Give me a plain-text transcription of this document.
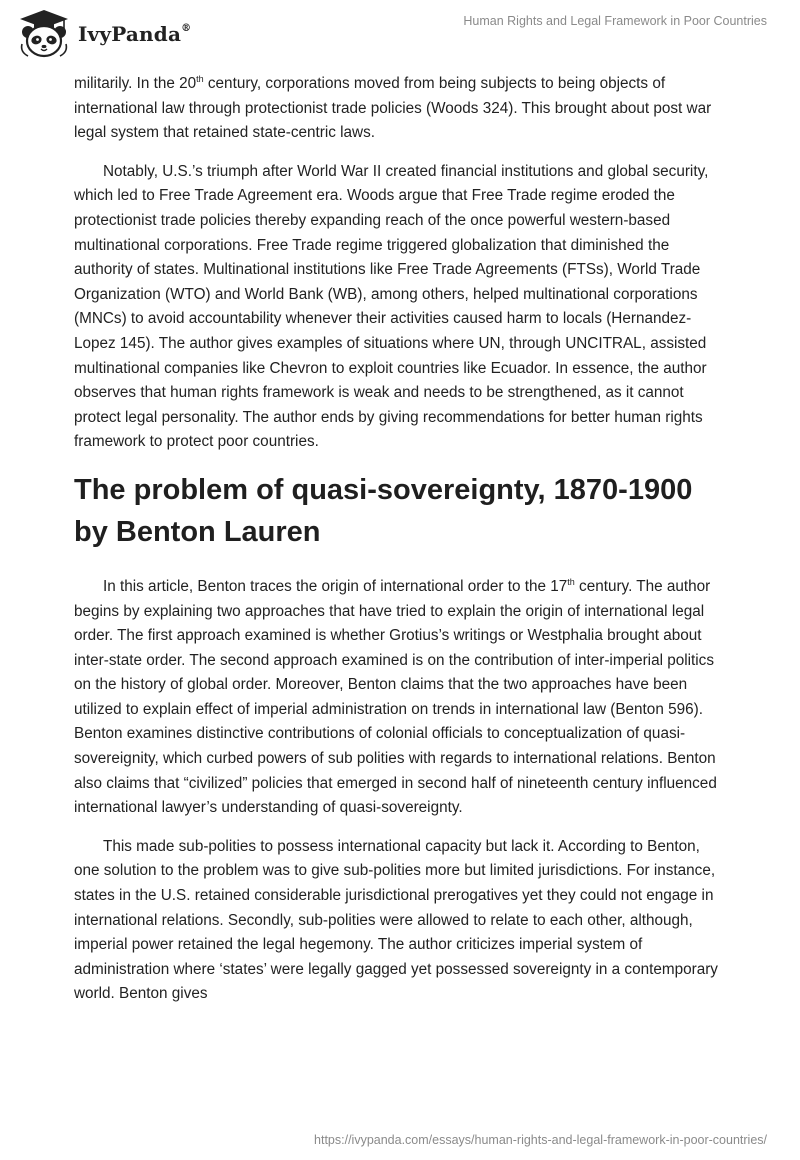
IvyPanda®
Human Rights and Legal Framework in Poor Countries

militarily. In the 20th century, corporations moved from being subjects to being objects of international law through protectionist trade policies (Woods 324). This brought about post war legal system that retained state-centric laws.

Notably, U.S.’s triumph after World War II created financial institutions and global security, which led to Free Trade Agreement era. Woods argue that Free Trade regime eroded the protectionist trade policies thereby expanding reach of the once powerful western-based multinational corporations. Free Trade regime triggered globalization that diminished the authority of states. Multinational institutions like Free Trade Agreements (FTSs), World Trade Organization (WTO) and World Bank (WB), among others, helped multinational corporations (MNCs) to avoid accountability whenever their activities caused harm to locals (Hernandez-Lopez 145). The author gives examples of situations where UN, through UNCITRAL, assisted multinational companies like Chevron to exploit countries like Ecuador. In essence, the author observes that human rights framework is weak and needs to be strengthened, as it cannot protect legal personality. The author ends by giving recommendations for better human rights framework to protect poor countries.

The problem of quasi-sovereignty, 1870-1900 by Benton Lauren

In this article, Benton traces the origin of international order to the 17th century. The author begins by explaining two approaches that have tried to explain the origin of international legal order. The first approach examined is whether Grotius’s writings or Westphalia brought about inter-state order. The second approach examined is on the contribution of inter-imperial politics on the history of global order. Moreover, Benton claims that the two approaches have been utilized to explain effect of imperial administration on trends in international law (Benton 596). Benton examines distinctive contributions of colonial officials to conceptualization of quasi-sovereignity, which curbed powers of sub polities with regards to international relations. Benton also claims that “civilized” policies that emerged in second half of nineteenth century influenced international lawyer’s understanding of quasi-sovereignty.

This made sub-polities to possess international capacity but lack it. According to Benton, one solution to the problem was to give sub-polities more but limited jurisdictions. For instance, states in the U.S. retained considerable jurisdictional prerogatives yet they could not engage in international relations. Secondly, sub-polities were allowed to relate to each other, although, imperial power retained the legal hegemony. The author criticizes imperial system of administration where ‘states’ were legally gagged yet possessed sovereignty in a contemporary world. Benton gives

https://ivypanda.com/essays/human-rights-and-legal-framework-in-poor-countries/
